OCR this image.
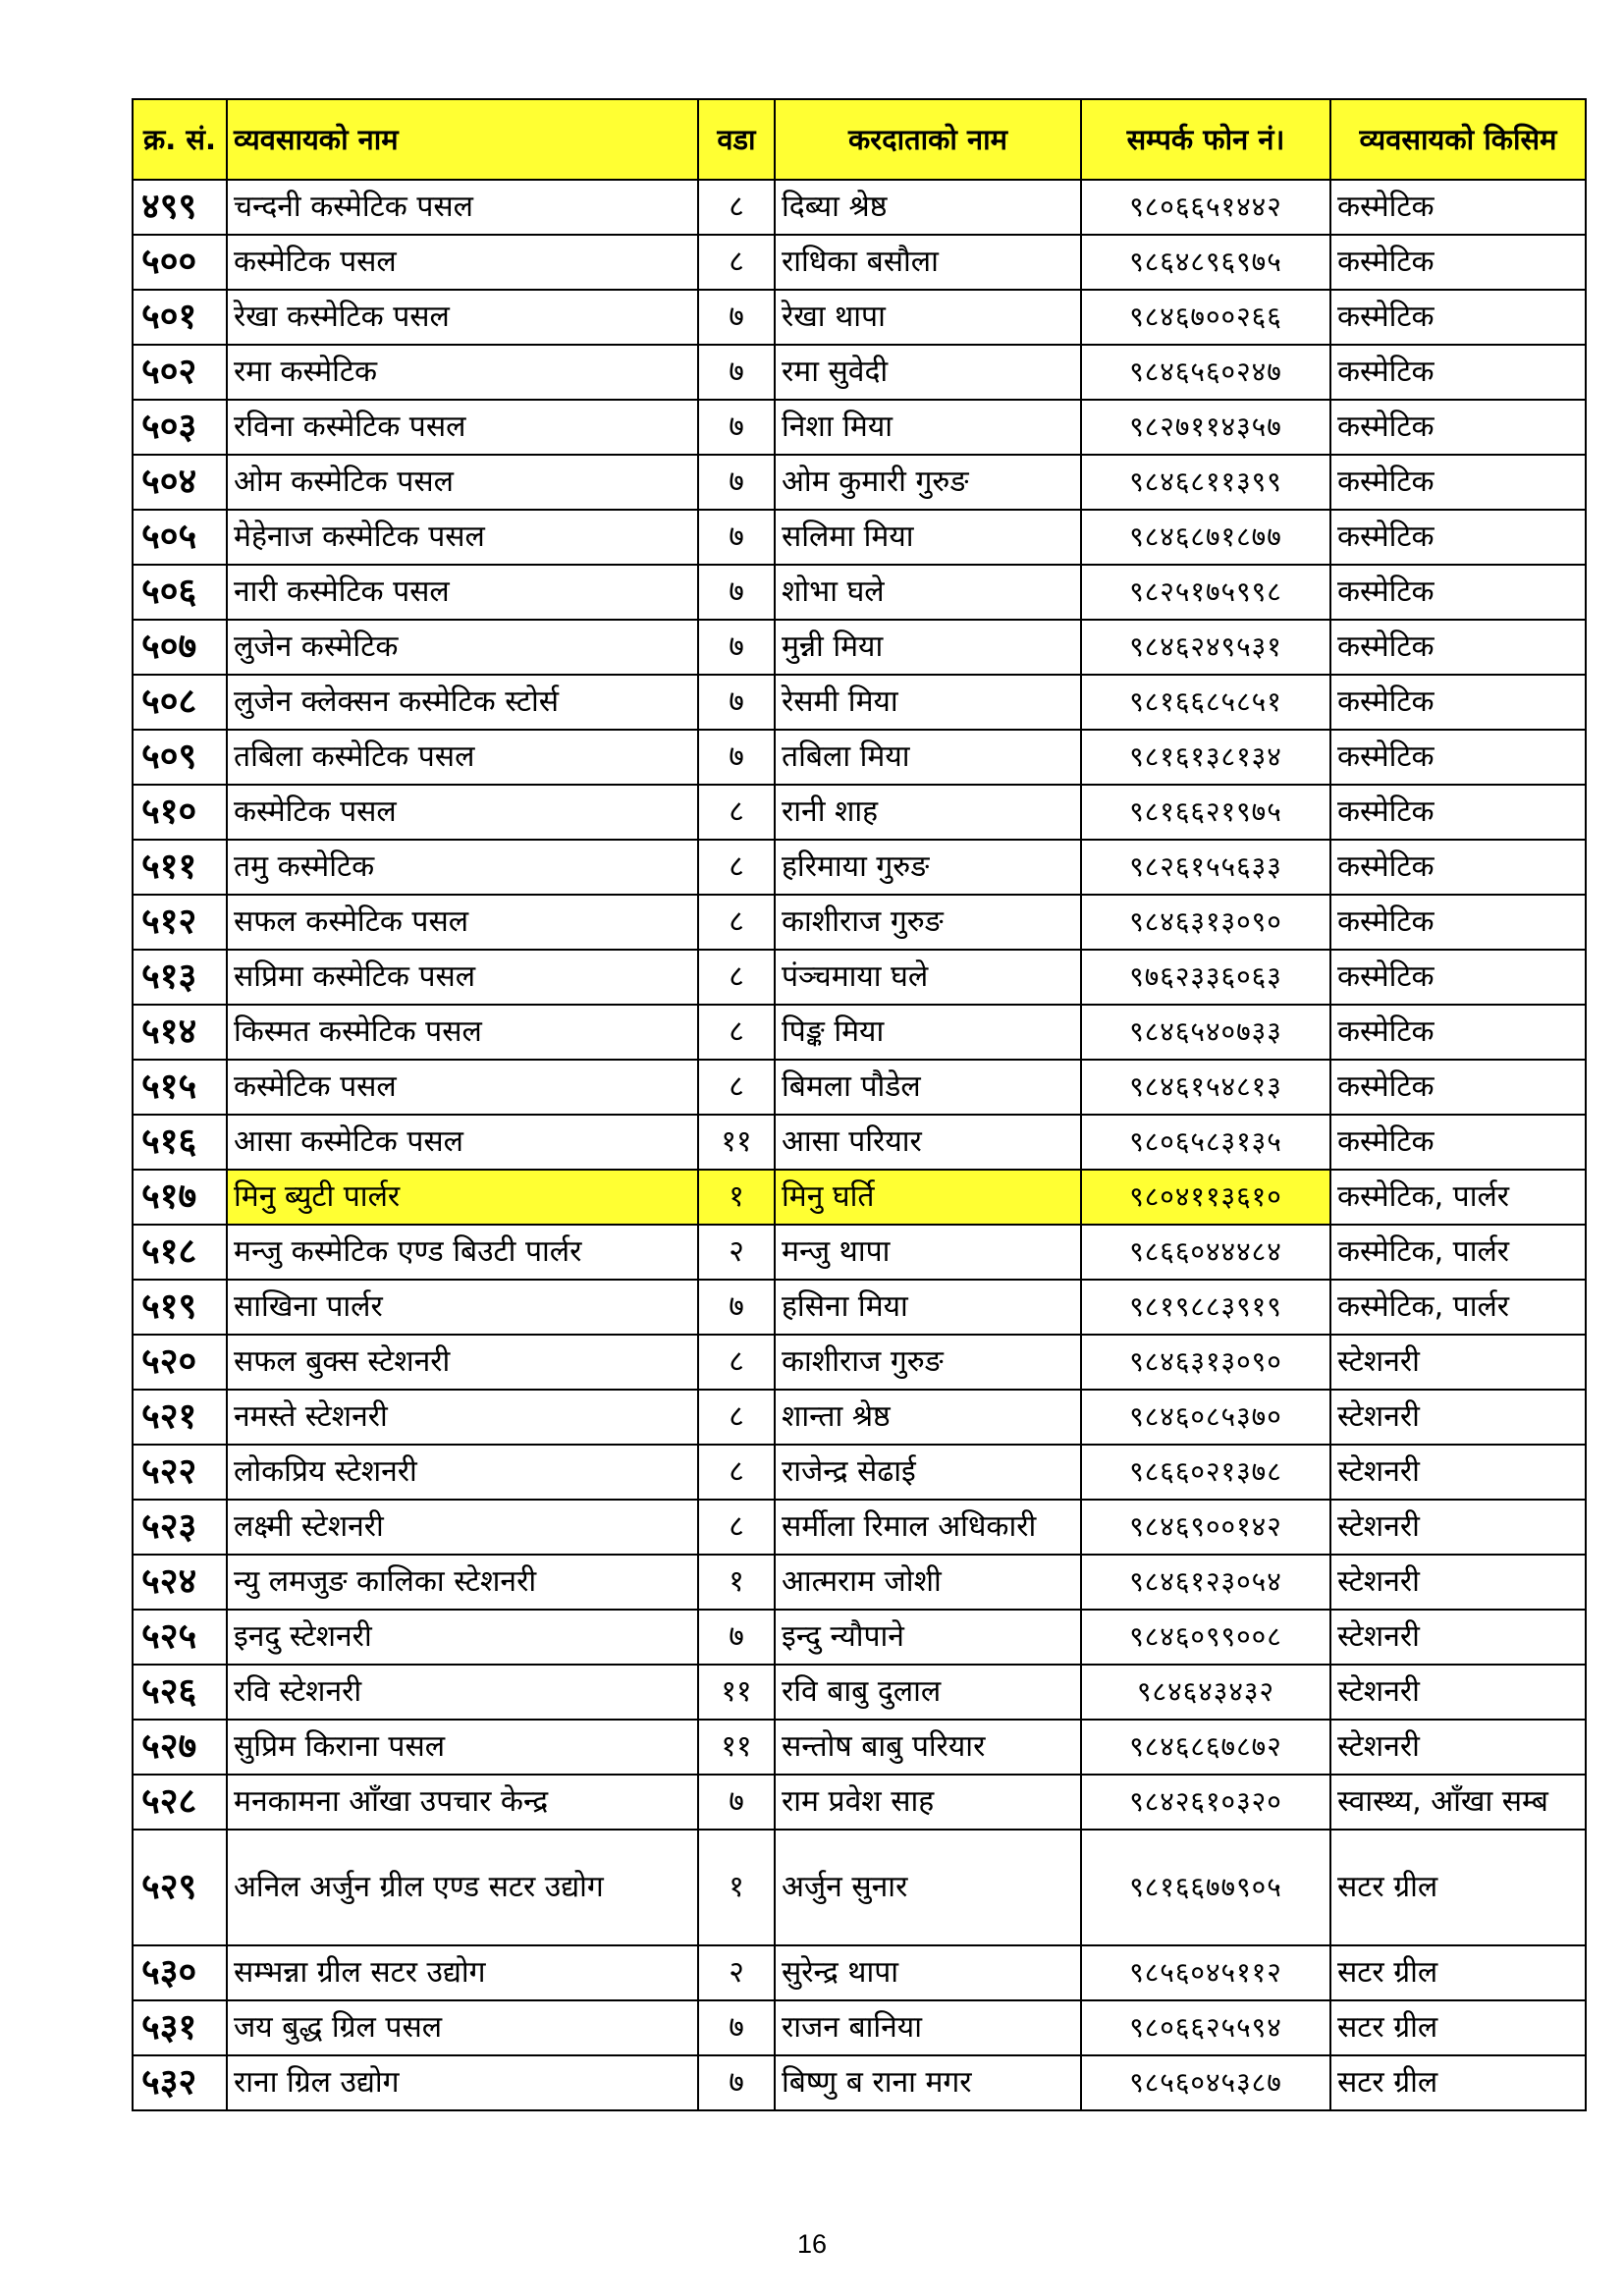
क्र. सं.	व्यवसायको नाम	वडा	करदाताको नाम	सम्पर्क फोन नं।	व्यवसायको किसिम
४९९	चन्दनी कस्मेटिक पसल	८	दिब्या श्रेष्ठ	९८०६६५१४४२	कस्मेटिक
५००	कस्मेटिक पसल	८	राधिका बसौला	९८६४८९६९७५	कस्मेटिक
५०१	रेखा कस्मेटिक पसल	७	रेखा थापा	९८४६७००२६६	कस्मेटिक
५०२	रमा कस्मेटिक	७	रमा सुवेदी	९८४६५६०२४७	कस्मेटिक
५०३	रविना कस्मेटिक पसल	७	निशा मिया	९८२७११४३५७	कस्मेटिक
५०४	ओम कस्मेटिक पसल	७	ओम कुमारी गुरुङ	९८४६८११३९९	कस्मेटिक
५०५	मेहेनाज कस्मेटिक पसल	७	सलिमा मिया	९८४६८७१८७७	कस्मेटिक
५०६	नारी कस्मेटिक पसल	७	शोभा घले	९८२५१७५९९८	कस्मेटिक
५०७	लुजेन कस्मेटिक	७	मुन्नी मिया	९८४६२४९५३१	कस्मेटिक
५०८	लुजेन क्लेक्सन कस्मेटिक स्टोर्स	७	रेसमी मिया	९८१६६८५८५१	कस्मेटिक
५०९	तबिला कस्मेटिक पसल	७	तबिला मिया	९८१६१३८१३४	कस्मेटिक
५१०	कस्मेटिक पसल	८	रानी शाह	९८१६६२१९७५	कस्मेटिक
५११	तमु कस्मेटिक	८	हरिमाया गुरुङ	९८२६१५५६३३	कस्मेटिक
५१२	सफल कस्मेटिक पसल	८	काशीराज गुरुङ	९८४६३१३०९०	कस्मेटिक
५१३	सप्रिमा कस्मेटिक पसल	८	पंञ्चमाया घले	९७६२३३६०६३	कस्मेटिक
५१४	किस्मत कस्मेटिक पसल	८	पिङ्क मिया	९८४६५४०७३३	कस्मेटिक
५१५	कस्मेटिक पसल	८	बिमला पौडेल	९८४६१५४८१३	कस्मेटिक
५१६	आसा कस्मेटिक पसल	११	आसा परियार	९८०६५८३१३५	कस्मेटिक
५१७	मिनु ब्युटी पार्लर	१	मिनु घर्ति	९८०४११३६१०	कस्मेटिक, पार्लर
५१८	मन्जु कस्मेटिक एण्ड बिउटी पार्लर	२	मन्जु थापा	९८६६०४४४८४	कस्मेटिक, पार्लर
५१९	साखिना पार्लर	७	हसिना मिया	९८१९८८३९१९	कस्मेटिक, पार्लर
५२०	सफल बुक्स स्टेशनरी	८	काशीराज गुरुङ	९८४६३१३०९०	स्टेशनरी
५२१	नमस्ते स्टेशनरी	८	शान्ता श्रेष्ठ	९८४६०८५३७०	स्टेशनरी
५२२	लोकप्रिय स्टेशनरी	८	राजेन्द्र सेढाई	९८६६०२१३७८	स्टेशनरी
५२३	लक्ष्मी स्टेशनरी	८	सर्मीला रिमाल अधिकारी	९८४६९००१४२	स्टेशनरी
५२४	न्यु लमजुङ कालिका स्टेशनरी	१	आत्मराम जोशी	९८४६१२३०५४	स्टेशनरी
५२५	इनदु स्टेशनरी	७	इन्दु न्यौपाने	९८४६०९९००८	स्टेशनरी
५२६	रवि स्टेशनरी	११	रवि बाबु दुलाल	९८४६४३४३२	स्टेशनरी
५२७	सुप्रिम किराना पसल	११	सन्तोष बाबु परियार	९८४६८६७८७२	स्टेशनरी
५२८	मनकामना आँखा उपचार केन्द्र	७	राम प्रवेश साह	९८४२६१०३२०	स्वास्थ्य, आँखा सम्ब
५२९	अनिल अर्जुन ग्रील एण्ड सटर उद्योग	१	अर्जुन सुनार	९८१६६७७९०५	सटर ग्रील
५३०	सम्भन्ना ग्रील सटर उद्योग	२	सुरेन्द्र थापा	९८५६०४५११२	सटर ग्रील
५३१	जय बुद्ध ग्रिल पसल	७	राजन बानिया	९८०६६२५५९४	सटर ग्रील
५३२	राना ग्रिल उद्योग	७	बिष्णु ब राना मगर	९८५६०४५३८७	सटर ग्रील
16
